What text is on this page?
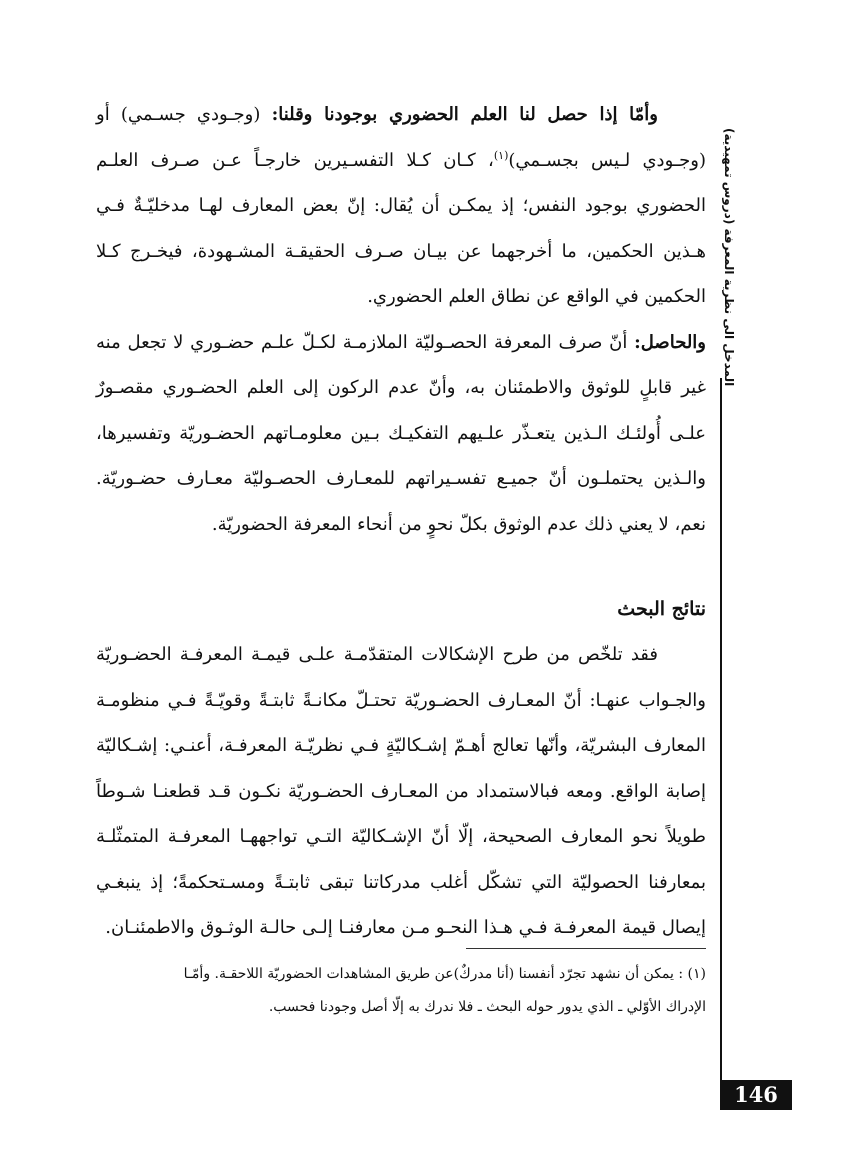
المدخل الى نظرية المعرفة (دروس تمهيدية)
146

وأمّا إذا حصل لنا العلم الحضوري بوجودنا وقلنا: (وجـودي جسـمي) أو (وجـودي لـيس بجسـمي)$^{(١)}$، كـان كـلا التفسـيرين خارجـاً عـن صـرف العلـم الحضوري بوجود النفس؛ إذ يمكـن أن يُقال: إنّ بعض المعارف لهـا مدخليّـةٌ فـي هـذين الحكمين، ما أخرجهما عن بيـان صـرف الحقيقـة المشـهودة، فيخـرج كـلا الحكمين في الواقع عن نطاق العلم الحضوري.

والحاصل: أنّ صرف المعرفة الحصـوليّة الملازمـة لكـلّ علـم حضـوري لا تجعل منه غير قابلٍ للوثوق والاطمئنان به، وأنّ عدم الركون إلى العلم الحضـوري مقصـورٌ علـى أُولئـك الـذين يتعـذّر علـيهم التفكيـك بـين معلومـاتهم الحضـوريّة وتفسيرها، والـذين يحتملـون أنّ جميـع تفسـيراتهم للمعـارف الحصـوليّة معـارف حضـوريّة. نعم، لا يعني ذلك عدم الوثوق بكلّ نحوٍ من أنحاء المعرفة الحضوريّة.

نتائج البحث

فقد تلخّص من طرح الإشكالات المتقدّمـة علـى قيمـة المعرفـة الحضـوريّة والجـواب عنهـا: أنّ المعـارف الحضـوريّة تحتـلّ مكانـةً ثابتـةً وقويّـةً فـي منظومـة المعارف البشريّة، وأنّها تعالج أهـمّ إشـكاليّةٍ فـي نظريّـة المعرفـة، أعنـي: إشـكاليّة إصابة الواقع. ومعه فبالاستمداد من المعـارف الحضـوريّة نكـون قـد قطعنـا شـوطاً طويلاً نحو المعارف الصحيحة، إلّا أنّ الإشـكاليّة التـي تواجههـا المعرفـة المتمثّلـة بمعارفنا الحصوليّة التي تشكّل أغلب مدركاتنا تبقى ثابتـةً ومسـتحكمةً؛ إذ ينبغـي إيصال قيمة المعرفـة فـي هـذا النحـو مـن معارفنـا إلـى حالـة الوثـوق والاطمئنـان.

(١) : يمكن أن نشهد تجرّد أنفسنا (أنا مدركٌ)عن طريق المشاهدات الحضوريّة اللاحقـة. وأمّـا

الإدراك الأوّلي ـ الذي يدور حوله البحث ـ فلا ندرك به إلّا أصل وجودنا فحسب.
